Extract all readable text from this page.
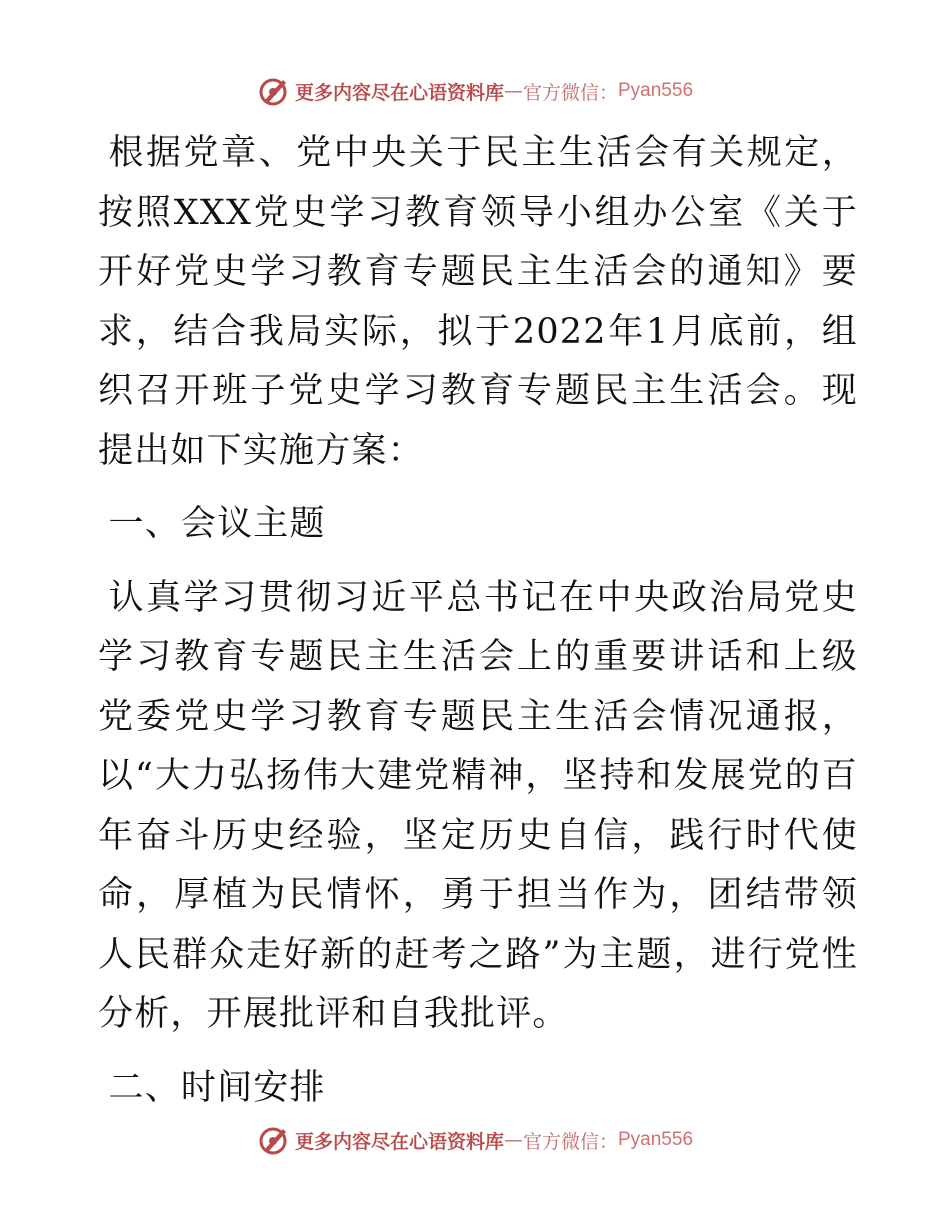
更多内容尽在心语资料库 — 官方微信： Pyan556

根据党章、党中央关于民主生活会有关规定，按照XXX党史学习教育领导小组办公室《关于开好党史学习教育专题民主生活会的通知》要求，结合我局实际，拟于2022年1月底前，组织召开班子党史学习教育专题民主生活会。现提出如下实施方案：

一、会议主题

认真学习贯彻习近平总书记在中央政治局党史学习教育专题民主生活会上的重要讲话和上级党委党史学习教育专题民主生活会情况通报，以“大力弘扬伟大建党精神，坚持和发展党的百年奋斗历史经验，坚定历史自信，践行时代使命，厚植为民情怀，勇于担当作为，团结带领人民群众走好新的赶考之路”为主题，进行党性分析，开展批评和自我批评。

二、时间安排

更多内容尽在心语资料库 — 官方微信： Pyan556
